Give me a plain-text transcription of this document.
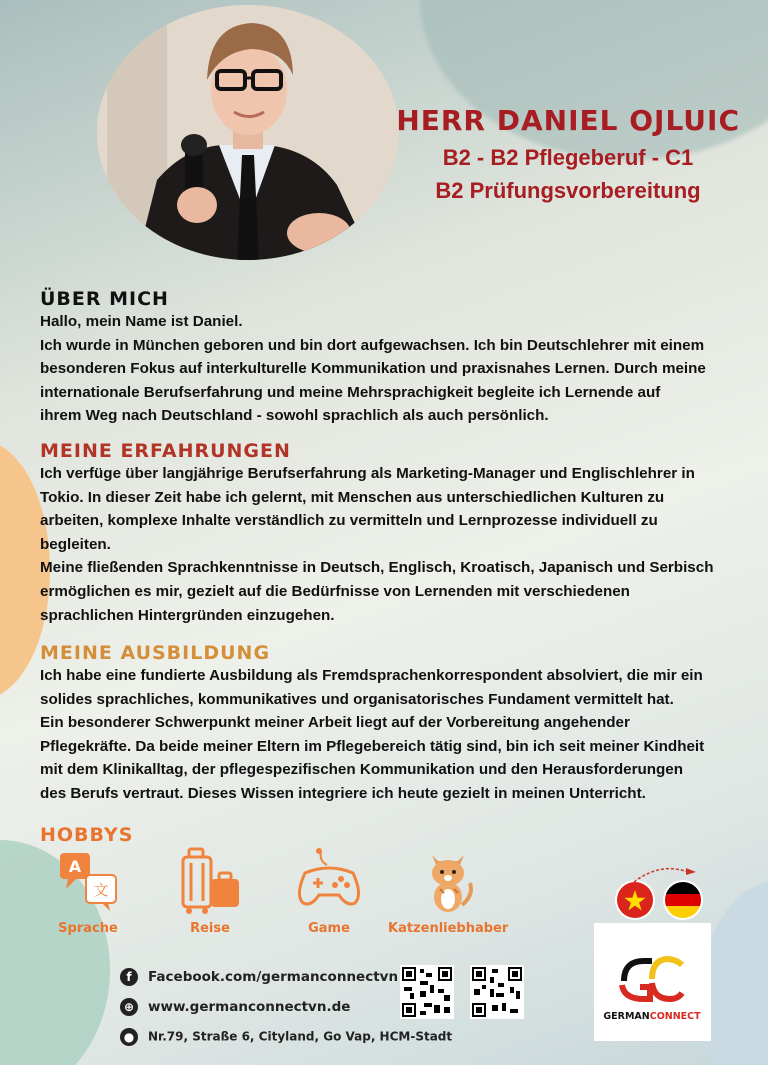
HERR DANIEL OJLUIC
B2 - B2 Pflegeberuf - C1
B2 Prüfungsvorbereitung
ÜBER MICH
Hallo, mein Name ist Daniel.
Ich wurde in München geboren und bin dort aufgewachsen. Ich bin Deutschlehrer mit einem
besonderen Fokus auf interkulturelle Kommunikation und praxisnahes Lernen. Durch meine
internationale Berufserfahrung und meine Mehrsprachigkeit begleite ich Lernende auf
ihrem Weg nach Deutschland - sowohl sprachlich als auch persönlich.
MEINE ERFAHRUNGEN
Ich verfüge über langjährige Berufserfahrung als Marketing-Manager und Englischlehrer in
Tokio. In dieser Zeit habe ich gelernt, mit Menschen aus unterschiedlichen Kulturen zu
arbeiten, komplexe Inhalte verständlich zu vermitteln und Lernprozesse individuell zu
begleiten.
Meine fließenden Sprachkenntnisse in Deutsch, Englisch, Kroatisch, Japanisch und Serbisch
ermöglichen es mir, gezielt auf die Bedürfnisse von Lernenden mit verschiedenen
sprachlichen Hintergründen einzugehen.
MEINE AUSBILDUNG
Ich habe eine fundierte Ausbildung als Fremdsprachenkorrespondent absolviert, die mir ein
solides sprachliches, kommunikatives und organisatorisches Fundament vermittelt hat.
Ein besonderer Schwerpunkt meiner Arbeit liegt auf der Vorbereitung angehender
Pflegekräfte. Da beide meiner Eltern im Pflegebereich tätig sind, bin ich seit meiner Kindheit
mit dem Klinikalltag, der pflegespezifischen Kommunikation und den Herausforderungen
des Berufs vertraut. Dieses Wissen integriere ich heute gezielt in meinen Unterricht.
HOBBYS
A
文
Sprache	Reise	Game	Katzenliebhaber
f Facebook.com/germanconnectvn
⊕ www.germanconnectvn.de
● Nr.79, Straße 6, Cityland, Go Vap, HCM-Stadt
GERMANCONNECT
